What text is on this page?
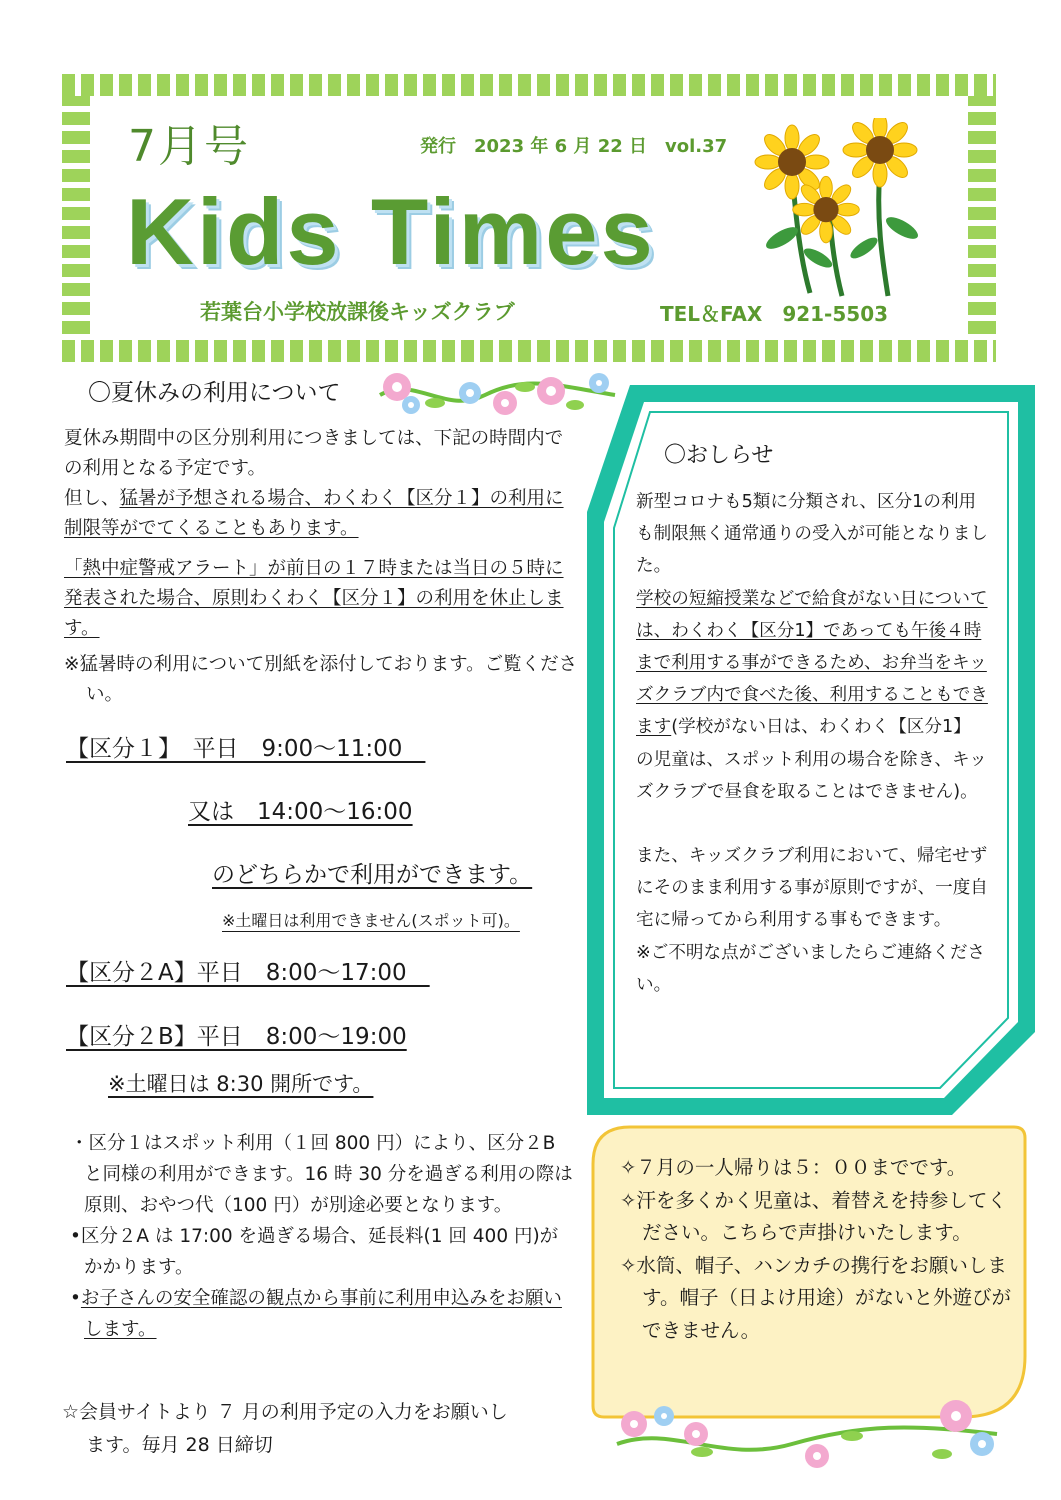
7月号	発行　2023 年 6 月 22 日　vol.37
Kids Times
若葉台小学校放課後キッズクラブ	TEL＆FAX　921-5503
〇夏休みの利用について
夏休み期間中の区分別利用につきましては、下記の時間内での利用となる予定です。
但し、猛暑が予想される場合、わくわく【区分１】の利用に制限等がでてくることもあります。
「熱中症警戒アラート」が前日の１７時または当日の５時に発表された場合、原則わくわく【区分１】の利用を休止します。
※猛暑時の利用について別紙を添付しております。ご覧ください。
【区分１】　平日　9:00～11:00　
又は　14:00～16:00
のどちらかで利用ができます。
※土曜日は利用できません(スポット可)。
【区分２A】平日　8:00～17:00　
【区分２B】平日　8:00～19:00
※土曜日は 8:30 開所です。
・区分１はスポット利用（１回 800 円）により、区分２B と同様の利用ができます。16 時 30 分を過ぎる利用の際は原則、おやつ代（100 円）が別途必要となります。
•区分２A は 17:00 を過ぎる場合、延長料(1 回 400 円)がかかります。
•お子さんの安全確認の観点から事前に利用申込みをお願いします。
☆会員サイトより ７ 月の利用予定の入力をお願いし
ます。毎月 28 日締切
〇おしらせ

新型コロナも5類に分類され、区分1の利用も制限無く通常通りの受入が可能となりました。

学校の短縮授業などで給食がない日については、わくわく【区分1】であっても午後４時まで利用する事ができるため、お弁当をキッズクラブ内で食べた後、利用することもできます(学校がない日は、わくわく【区分1】の児童は、スポット利用の場合を除き、キッズクラブで昼食を取ることはできません)。

また、キッズクラブ利用において、帰宅せずにそのまま利用する事が原則ですが、一度自宅に帰ってから利用する事もできます。

※ご不明な点がございましたらご連絡ください。

✧７月の一人帰りは５：００までです。
✧汗を多くかく児童は、着替えを持参してください。こちらで声掛けいたします。
✧水筒、帽子、ハンカチの携行をお願いします。帽子（日よけ用途）がないと外遊びができません。
